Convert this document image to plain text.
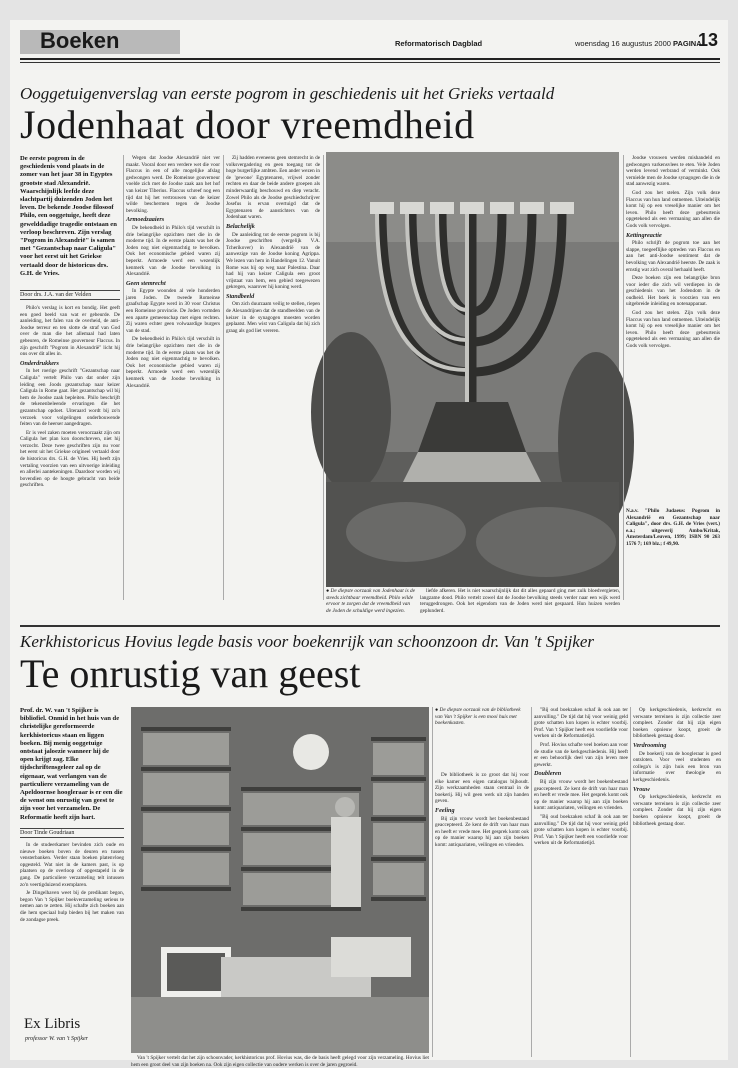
Boeken	Reformatorisch Dagblad	woensdag 16 augustus 2000 PAGINA
13
Ooggetuigenverslag van eerste pogrom in geschiedenis uit het Grieks vertaald
Jodenhaat door vreemdheid
De eerste pogrom in de geschiedenis vond plaats in de zomer van het jaar 38 in Egyptes grootste stad Alexandrië. Waarschijnlijk leefde deze slachtpartij duizenden Joden het leven. De bekende Joodse filosoof Philo, een ooggetuige, heeft deze gewelddadige tragedie ontstaan en verloop beschreven. Zijn verslag "Pogrom in Alexandrië" is samen met "Gezantschap naar Caligula" voor het eerst uit het Griekse vertaald door de historicus drs. G.H. de Vries.
Door drs. J.A. van der Velden

Philo's verslag is kort en bondig. Het geeft een goed beeld van wat er gebeurde. De aanleiding, het falen van de overheid, de anti-Joodse terreur en ten slotte de straf van God over de man die het allemaal had laten gebeuren, de Romeinse gouverneur Flaccus. In zijn geschrift "Pogrom in Alexandrië" licht hij ons over dit alles in.

Onderdrukkers

In het roerige geschrift "Gezantschap naar Caligula" vertelt Philo van dat onder zijn leiding een Joods gezantschap naar keizer Caligula in Rome gaat. Het gezantschap wil bij hem de Joodse zaak bepleiten. Philo beschrijft de tekenenbeleende ervaringen die het gezantschap opdoet. Uiteraard wordt bij zo'n verzoek voor volgelingen onderbouwende feiten van de heerser aangedragen.

Er is veel zaken moeten veroorzaakt zijn om Caligula het plan kon doorschreven, niet hij verzocht. Deze twee geschriften zijn nu voor het eerst uit het Griekse origineel vertaald door de historicus drs. G.H. de Vries. Hij heeft zijn vertaling voorzien van een uitvoerige inleiding en allerlei aantekeningen. Daardoor worden wij bovendien op de hoogte gebracht van beide geschriften.

Wegen dat Joodse Alexandrië niet ver maakt. Vooral door een verdere wet die voor Flaccus in een of alle mogelijke afslag gedwongen werd. De Romeinse gouverneur voelde zich met de Joodse zaak aan het hof van keizer Tiberius. Flaccus schreef nog een tijd dat hij het vertrouwen van de keizer wilde beschermen tegen de Joodse bevolking.

Armoedzaaiers

De bekendheid in Philo's tijd verschilt in drie belangrijke opzichten met die in de moderne tijd. In de eerste plaats was het de Joden nog niet eigenmachtig te bevolken. Ook het economische gebied waren zij beperkt. Armoede werd een wezenlijk kenmerk van de Joodse bevolking in Alexandrië.

Geen stemrecht

In Egypte woonden al vele honderden jaren Joden. De tweede Romeinse graafschap Egypte werd in 30 voor Christus een Romeinse provincie. De Joden vormden een aparte gemeenschap met eigen rechten. Zij waren echter geen volwaardige burgers van de stad.

De bekendheid in Philo's tijd verschilt in drie belangrijke opzichten met die in de moderne tijd. In de eerste plaats was het de Joden nog niet eigenmachtig te bevolken. Ook het economische gebied waren zij beperkt. Armoede werd een wezenlijk kenmerk van de Joodse bevolking in Alexandrië.

Zij hadden eveneens geen stemrecht in de volksvergadering en geen toegang tot de hoge burgerlijke ambten. Een ander wezen in de 'gewone' Egyptenaren, vrijwel zonder rechten en daar de beide andere groepen als minderwaardig beschouwd en diep veracht. Zowel Philo als de Joodse geschiedschrijver Josefus is ervan overtuigd dat de Egyptenaren de aanstichters van de Jodenhaat waren.

Belachelijk

De aanleiding tot de eerste pogrom is bij Joodse geschriften (vergelijk V.A. Tcherikover) in Alexandrië van de aanwezige van de Joodse koning Agrippa. We lezen van hem in Handelingen 12. Vanuit Rome was hij op weg naar Palestina. Daar had hij van keizer Caligula een groot vrijstaat van hem, een gebied toegewezen gekregen, waarover hij koning werd.

Standbeeld

Om zich duurzaam veilig te stellen, riepen de Alexandrijnen dat de standbeelden van de keizer in de synagogen moesten worden geplaatst. Men wist van Caligula dat hij zich graag als god liet vereren.

● De diepste oorzaak van Jodenhaat is de steeds zichtbaar vreemdheid. Philo wilde ervoor te zorgen dat de vreemdheid van de Joden de schuldige werd ingezien.

liefde afkeren. Het is niet waarschijnlijk dat dit alles gepaard ging met zulk bloedvergieten, langzame dood. Philo vertelt zowel dat de Joodse bevolking steeds verder naar een wijk werd teruggedrongen. Ook het eigendom van de Joden werd niet gespaard. Hun huizen werden geplunderd.

Joodse vrouwen werden mishandeld en gedwongen varkensvlees te eten. Vele Joden werden levend verbrand of verminkt. Ook vernielde men de Joodse synagogen die in de stad aanwezig waren.

God zou het stelen. Zijn volk deze Flaccus van hun land ontnemen. Uiteindelijk komt hij op een vreselijke manier om het leven. Philo heeft deze gebeurtenis opgetekend als een vermaning aan allen die Gods volk vervolgen.

Kettingreactie

Philo schrijft de pogrom toe aan het slappe, toegeeflijke optreden van Flaccus en aan het anti-Joodse sentiment dat de bevolking van Alexandrië heerste. De zaak is ernstig wat zich overal herhaald heeft.

Deze boeken zijn een belangrijke bron voor ieder die zich wil verdiepen in de geschiedenis van het Jodendom in de oudheid. Het boek is voorzien van een uitgebreide inleiding en notenapparaat.

God zou het stelen. Zijn volk deze Flaccus van hun land ontnemen. Uiteindelijk komt hij op een vreselijke manier om het leven. Philo heeft deze gebeurtenis opgetekend als een vermaning aan allen die Gods volk vervolgen.

N.a.v. "Philo Judaeus: Pogrom in Alexandrië en Gezantschap naar Caligula", door drs. G.H. de Vries (vert.) e.a.; uitgeverij Ambo/Kritak, Amsterdam/Leuven, 1999; ISBN 90 263 1576 7; 169 blz.; f 49,90.
Kerkhistoricus Hovius legde basis voor boekenrijk van schoonzoon dr. Van 't Spijker
Te onrustig van geest
Prof. dr. W. van 't Spijker is bibliofiel. Onmid in het huis van de christelijke gereformeerde kerkhistoricus staan en liggen boeken. Bij menig ooggetuige ontstaat jaloezie wanneer hij de open krijgt zag. Elke tijdschriftensgeleer zal op de eigenaar, wat verlangen van de particuliere verzameling van de Apeldoornse hoogleraar is er een die de wenst om onrustig van geest te zijn voor het verzamelen. De Reformatie heeft zijn hart.
Door Tinde Goudriaan

In de studeerkamer bevinden zich oude en nieuwe boeken boven de deuren en tussen vensterbanken. Verder staan boeken platenvloeg opgesteld. Wat niet in de kamers past, is op plaatsen op de overloop of opgestapeld in de gang. De particuliere verzameling telt intussen zo'n veertigduizend exemplaren.

Je Dingelhaven weet bij de predikant begon, begon Van 't Spijker boekverzameling serieus te nemen aan te zetten. Hij schafte zich boeken aan die hem speciaal hulp bieden bij het maken van de zondagse preek.

Ex Libris
professor W. van 't Spijker
● De diepste oorzaak van de bibliotheek van Van 't Spijker is een mooi huis met boekenkasten.

De bibliotheek is zo groot dat hij voor elke kamer een eigen catalogus bijhoudt. Zijn werkzaamheden staan centraal in de boekerij. Hij wil geen werk uit zijn handen geven.

Feeling

Bij zijn vrouw wordt het boekenbestand geaccepteerd. Ze kent de drift van haar man en heeft er vrede mee. Het gesprek komt ook op de manier waarop hij aan zijn boeken komt: antiquariaten, veilingen en vrienden.

Van 't Spijker vertelt dat het zijn schoonvader, kerkhistoricus prof. Hovius was, die de basis heeft gelegd voor zijn verzameling. Hovius liet hem een groot deel van zijn boeken na. Ook zijn eigen collectie van oudere werken is over de jaren gegroeid.

"Bij oud boekzaken schaf ik ook aan ter aanvulling." De tijd dat hij voor weinig geld grote schatten kon kopen is echter voorbij. Prof. Van 't Spijker heeft een voorliefde voor werken uit de Reformatietijd.

Prof. Hovius schafte veel boeken aan voor de studie van de kerkgeschiedenis. Hij heeft er een behoorlijk deel van zijn leven mee gewerkt.

Doubleren

Bij zijn vrouw wordt het boekenbestand geaccepteerd. Ze kent de drift van haar man en heeft er vrede mee. Het gesprek komt ook op de manier waarop hij aan zijn boeken komt: antiquariaten, veilingen en vrienden.

"Bij oud boekzaken schaf ik ook aan ter aanvulling." De tijd dat hij voor weinig geld grote schatten kon kopen is echter voorbij. Prof. Van 't Spijker heeft een voorliefde voor werken uit de Reformatietijd.

Op kerkgeschiedenis, kerkrecht en verwante terreinen is zijn collectie zeer compleet. Zonder dat hij zijn eigen boeken opnieuw koopt, groeit de bibliotheek gestaag door.

Verdrooming

De boekerij van de hoogleraar is goed ontsloten. Voor veel studenten en collega's is zijn huis een bron van informatie over theologie en kerkgeschiedenis.

Vrouw

Op kerkgeschiedenis, kerkrecht en verwante terreinen is zijn collectie zeer compleet. Zonder dat hij zijn eigen boeken opnieuw koopt, groeit de bibliotheek gestaag door.
